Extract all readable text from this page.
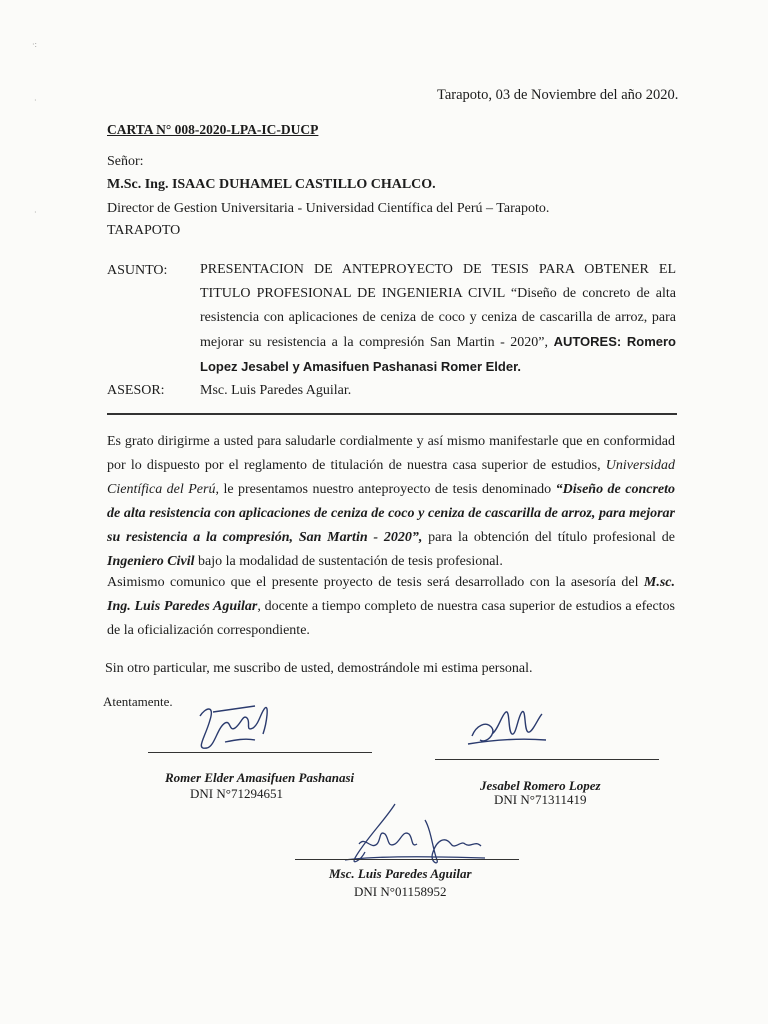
·:
·
·
Tarapoto, 03 de Noviembre del año 2020.
CARTA N° 008-2020-LPA-IC-DUCP
Señor:
M.Sc. Ing. ISAAC DUHAMEL CASTILLO CHALCO.
Director de Gestion Universitaria - Universidad Científica del Perú – Tarapoto.
TARAPOTO
ASUNTO: PRESENTACION DE ANTEPROYECTO DE TESIS PARA OBTENER EL
TITULO PROFESIONAL DE INGENIERIA CIVIL “Diseño de concreto de alta
resistencia con aplicaciones de ceniza de coco y ceniza de cascarilla de arroz, para
mejorar su resistencia a la compresión San Martin - 2020”, AUTORES: Romero
Lopez Jesabel y Amasifuen Pashanasi Romer Elder.
ASESOR:	Msc. Luis Paredes Aguilar.
Es grato dirigirme a usted para saludarle cordialmente y así mismo manifestarle que en conformidad
por lo dispuesto por el reglamento de titulación de nuestra casa superior de estudios, Universidad
Científica del Perú, le presentamos nuestro anteproyecto de tesis denominado “Diseño de concreto
de alta resistencia con aplicaciones de ceniza de coco y ceniza de cascarilla de arroz, para mejorar
su resistencia a la compresión, San Martin - 2020”, para la obtención del título profesional de
Ingeniero Civil bajo la modalidad de sustentación de tesis profesional.
Asimismo comunico que el presente proyecto de tesis será desarrollado con la asesoría del M.sc.
Ing. Luis Paredes Aguilar, docente a tiempo completo de nuestra casa superior de estudios a efectos
de la oficialización correspondiente.
Sin otro particular, me suscribo de usted, demostrándole mi estima personal.
Atentamente.
Romer Elder Amasifuen Pashanasi
DNI N°71294651
Jesabel Romero Lopez
DNI N°71311419
Msc. Luis Paredes Aguilar
DNI N°01158952
